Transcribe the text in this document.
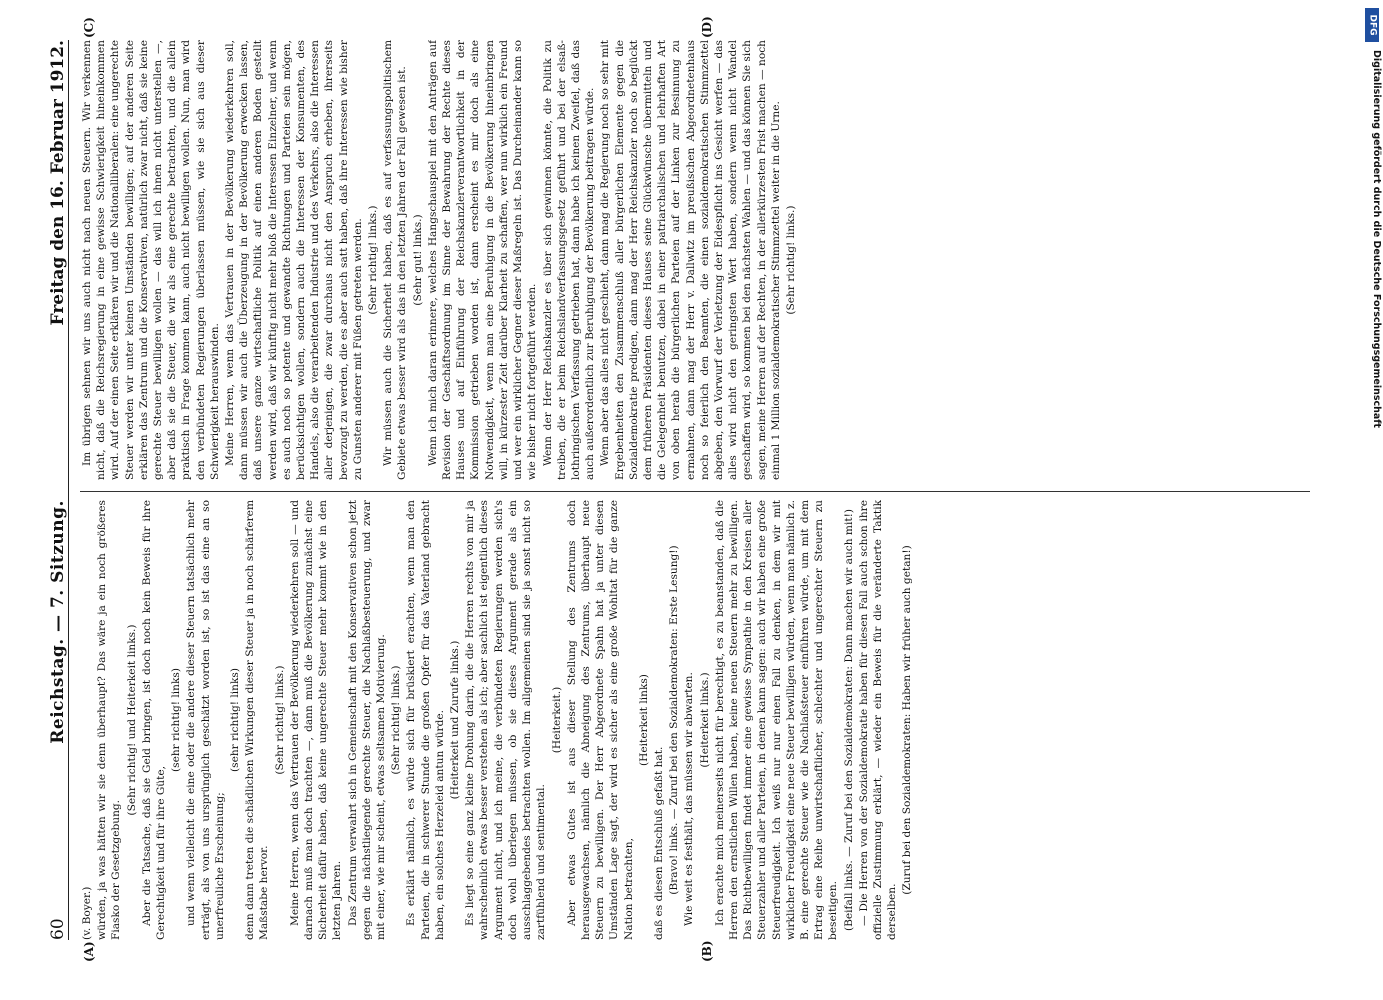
60
Reichstag. — 7. Sitzung.
Freitag den 16. Februar 1912.
(A)	(B)
(C)	(D)

(v. Boyer.) würden, ja was hätten wir sie denn überhaupt? Das wäre ja ein noch größeres Fiasko der Gesetzgebung.

(Sehr richtig! und Heiterkeit links.) Aber die Tatsache, daß sie Geld bringen, ist doch noch kein Beweis für ihre Gerechtigkeit und für ihre Güte,

(sehr richtig! links) und wenn vielleicht die eine oder die andere dieser Steuern tatsächlich mehr erträgt, als von uns ursprünglich geschätzt worden ist, so ist das eine an so unerfreuliche Erscheinung;

(sehr richtig! links) denn dann treten die schädlichen Wirkungen dieser Steuer ja in noch schärferem Maßstabe hervor.

(Sehr richtig! links.) Meine Herren, wenn das Vertrauen der Bevölkerung wiederkehren soll — und darnach muß man doch trachten —, dann muß die Bevölkerung zunächst eine Sicherheit dafür haben, daß keine ungerechte Steuer mehr kommt wie in den letzten Jahren. Das Zentrum verwahrt sich in Gemeinschaft mit den Konservativen schon jetzt gegen die nächstliegende gerechte Steuer, die Nachlaßbesteuerung, und zwar mit einer, wie mir scheint, etwas seltsamen Motivierung. (Sehr richtig! links.) Es erklärt nämlich, es würde sich für brüskiert erachten, wenn man den Parteien, die in schwerer Stunde die großen Opfer für das Vaterland gebracht haben, ein solches Herzeleid antun würde. (Heiterkeit und Zurufe links.) Es liegt so eine ganz kleine Drohung darin, die die Herren rechts von mir ja wahrscheinlich etwas besser verstehen als ich; aber sachlich ist eigentlich dieses Argument nicht, und ich meine, die verbündeten Regierungen werden sich's doch wohl überlegen müssen, ob sie dieses Argument gerade als ein ausschlaggebendes betrachten wollen. Im allgemeinen sind sie ja sonst nicht so zartfühlend und sentimental.

(Heiterkeit.) Aber etwas Gutes ist aus dieser Stellung des Zentrums doch herausgewachsen, nämlich die Abneigung des Zentrums, überhaupt neue Steuern zu bewilligen. Der Herr Abgeordnete Spahn hat ja unter diesen Umständen Lage sagt, der wird es sicher als eine große Wohltat für die ganze Nation betrachten,

(Heiterkeit links)

daß es diesen Entschluß gefaßt hat. (Bravo! links. — Zuruf bei den Sozialdemokraten: Erste Lesung!) Wie weit es festhält, das müssen wir abwarten. (Heiterkeit links.) Ich erachte mich meinerseits nicht für berechtigt, es zu beanstanden, daß die Herren den ernstlichen Willen haben, keine neuen Steuern mehr zu bewilligen. Das Richtbewilligen findet immer eine gewisse Sympathie in den Kreisen aller Steuerzahler und aller Parteien, in denen kann sagen: auch wir haben eine große Steuerfreudigkeit. Ich weiß nur nur einen Fall zu denken, in dem wir mit wirklicher Freudigkeit eine neue Steuer bewilligen würden, wenn man nämlich z. B. eine gerechte Steuer wie die Nachlaßsteuer einführen würde, um mit dem Ertrag eine Reihe unwirtschaftlicher, schlechter und ungerechter Steuern zu beseitigen. (Beifall links. — Zuruf bei den Sozialdemokraten: Dann machen wir auch mit!) — Die Herren von der Sozialdemokratie haben für diesen Fall auch schon ihre offizielle Zustimmung erklärt, — wieder ein Beweis für die veränderte Taktik derselben.

(Zuruf bei den Sozialdemokraten: Haben wir früher auch getan!)

Im übrigen sehnen wir uns auch nicht nach neuen Steuern. Wir verkennen nicht, daß die Reichsregierung in eine gewisse Schwierigkeit hineinkommen wird. Auf der einen Seite erklären wir und die Nationalliberalen: eine ungerechte Steuer werden wir unter keinen Umständen bewilligen; auf der anderen Seite erklären das Zentrum und die Konservativen, natürlich zwar nicht, daß sie keine gerechte Steuer bewilligen wollen — das will ich ihnen nicht unterstellen —, aber daß sie die Steuer, die wir als eine gerechte betrachten, und die allein praktisch in Frage kommen kann, auch nicht bewilligen wollen. Nun, man wird den verbündeten Regierungen überlassen müssen, wie sie sich aus dieser Schwierigkeit herauswinden. Meine Herren, wenn das Vertrauen in der Bevölkerung wiederkehren soll, dann müssen wir auch die Überzeugung in der Bevölkerung erwecken lassen, daß unsere ganze wirtschaftliche Politik auf einen anderen Boden gestellt werden wird, daß wir künftig nicht mehr bloß die Interessen Einzelner, und wenn es auch noch so potente und gewandte Richtungen und Parteien sein mögen, berücksichtigen wollen, sondern auch die Interessen der Konsumenten, des Handels, also die verarbeitenden Industrie und des Verkehrs, also die Interessen aller derjenigen, die zwar durchaus nicht den Anspruch erheben, ihrerseits bevorzugt zu werden, die es aber auch satt haben, daß ihre Interessen wie bisher zu Gunsten anderer mit Füßen getreten werden. (Sehr richtig! links.) Wir müssen auch die Sicherheit haben, daß es auf verfassungspolitischem Gebiete etwas besser wird als das in den letzten Jahren der Fall gewesen ist. (Sehr gut! links.) Wenn ich mich daran erinnere, welches Hangschauspiel mit den Anträgen auf Revision der Geschäftsordnung im Sinne der Bewahrung der Rechte dieses Hauses und auf Einführung der Reichskanzlerverantwortlichkeit in der Kommission getrieben worden ist, dann erscheint es mir doch als eine Notwendigkeit, wenn man eine Beruhigung in die Bevölkerung hineinbringen will, in kürzester Zeit darüber Klarheit zu schaffen, wer nun wirklich ein Freund und wer ein wirklicher Gegner dieser Maßregeln ist. Das Durcheinander kann so wie bisher nicht fortgeführt werden. Wenn der Herr Reichskanzler es über sich gewinnen könnte, die Politik zu treiben, die er beim Reichslandverfassungsgesetz geführt und bei der elsaß-lothringischen Verfassung getrieben hat, dann habe ich keinen Zweifel, daß das auch außerordentlich zur Beruhigung der Bevölkerung beitragen würde. Wenn aber das alles nicht geschieht, dann mag die Regierung noch so sehr mit Ergebenheiten den Zusammenschluß aller bürgerlichen Elemente gegen die Sozialdemokratie predigen, dann mag der Herr Reichskanzler noch so beglückt dem früheren Präsidenten dieses Hauses seine Glückwünsche übermitteln und die Gelegenheit benutzen, dabei in einer patriarchalischen und lehrhaften Art von oben herab die bürgerlichen Parteien auf der Linken zur Besinnung zu ermahnen, dann mag der Herr v. Dallwitz im preußischen Abgeordnetenhaus noch so feierlich den Beamten, die einen sozialdemokratischen Stimmzettel abgeben, den Vorwurf der Verletzung der Eidespflicht ins Gesicht werfen — das alles wird nicht den geringsten Wert haben, sondern wenn nicht Wandel geschaffen wird, so kommen bei den nächsten Wahlen — und das können Sie sich sagen, meine Herren auf der Rechten, in der allerkürzesten Frist machen — noch einmal 1 Million sozialdemokratischer Stimmzettel weiter in die Urne. (Sehr richtig! links.)

DFG
Digitalisierung gefördert durch die Deutsche Forschungsgemeinschaft
